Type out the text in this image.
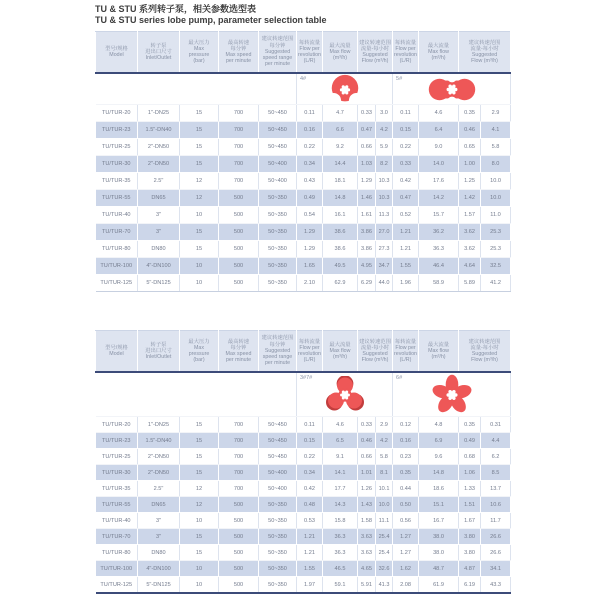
TU & STU 系列转子泵，相关参数选型表
TU & STU series lobe pump, parameter selection table
型号/规格
Model	转子泵
进出口尺寸
Inlet/Outlet	最大压力
Max
pressure
(bar)	最高转速
每分钟
Max speed
per minute	建议转速范围
每分钟
Suggested
speed range
per minute	每转流量
Flow per
revolution
(L/R)	最大流量
Max flow
(m³/h)	建议转速范围
流量-每小时
Suggested
Flow (m³/h)		每转流量
Flow per
revolution
(L/R)	最大流量
Max flow
(m³/h)	建议转速范围
流量-每小时
Suggested
Flow (m³/h)	

					4#				5#			

TU/TUR-20	1"-DN25	15	700	50~450	0.11	4.7	0.33	3.0	0.11	4.6	0.35	2.9
TU/TUR-23	1.5"-DN40	15	700	50~450	0.16	6.6	0.47	4.2	0.15	6.4	0.46	4.1
TU/TUR-25	2"-DN50	15	700	50~450	0.22	9.2	0.66	5.9	0.22	9.0	0.65	5.8
TU/TUR-30	2"-DN50	15	700	50~400	0.34	14.4	1.03	8.2	0.33	14.0	1.00	8.0
TU/TUR-35	2.5"	12	700	50~400	0.43	18.1	1.29	10.3	0.42	17.6	1.25	10.0
TU/TUR-55	DN65	12	500	50~350	0.49	14.8	1.46	10.3	0.47	14.2	1.42	10.0
TU/TUR-40	3"	10	500	50~350	0.54	16.1	1.61	11.3	0.52	15.7	1.57	11.0
TU/TUR-70	3"	15	500	50~350	1.29	38.6	3.86	27.0	1.21	36.2	3.62	25.3
TU/TUR-80	DN80	15	500	50~350	1.29	38.6	3.86	27.3	1.21	36.3	3.62	25.3
TU/TUR-100	4"-DN100	10	500	50~350	1.65	49.5	4.95	34.7	1.55	46.4	4.64	32.5
TU/TUR-125	5"-DN125	10	500	50~350	2.10	62.9	6.29	44.0	1.96	58.9	5.89	41.2
型号/规格
Model	转子泵
进出口尺寸
Inlet/Outlet	最大压力
Max
pressure
(bar)	最高转速
每分钟
Max speed
per minute	建议转速范围
每分钟
Suggested
speed range
per minute	每转流量
Flow per
revolution
(L/R)	最大流量
Max flow
(m³/h)	建议转速范围
流量-每小时
Suggested
Flow (m³/h)		每转流量
Flow per
revolution
(L/R)	最大流量
Max flow
(m³/h)	建议转速范围
流量-每小时
Suggested
Flow (m³/h)	

					3#7#				6#			

TU/TUR-20	1"-DN25	15	700	50~450	0.11	4.6	0.33	2.9	0.12	4.8	0.35	0.31
TU/TUR-23	1.5"-DN40	15	700	50~450	0.15	6.5	0.46	4.2	0.16	6.9	0.49	4.4
TU/TUR-25	2"-DN50	15	700	50~450	0.22	9.1	0.66	5.8	0.23	9.6	0.68	6.2
TU/TUR-30	2"-DN50	15	700	50~400	0.34	14.1	1.01	8.1	0.35	14.8	1.06	8.5
TU/TUR-35	2.5"	12	700	50~400	0.42	17.7	1.26	10.1	0.44	18.6	1.33	13.7
TU/TUR-55	DN65	12	500	50~350	0.48	14.3	1.43	10.0	0.50	15.1	1.51	10.6
TU/TUR-40	3"	10	500	50~350	0.53	15.8	1.58	11.1	0.56	16.7	1.67	11.7
TU/TUR-70	3"	15	500	50~350	1.21	36.3	3.63	25.4	1.27	38.0	3.80	26.6
TU/TUR-80	DN80	15	500	50~350	1.21	36.3	3.63	25.4	1.27	38.0	3.80	26.6
TU/TUR-100	4"-DN100	10	500	50~350	1.55	46.5	4.65	32.6	1.62	48.7	4.87	34.1
TU/TUR-125	5"-DN125	10	500	50~350	1.97	59.1	5.91	41.3	2.08	61.9	6.19	43.3
